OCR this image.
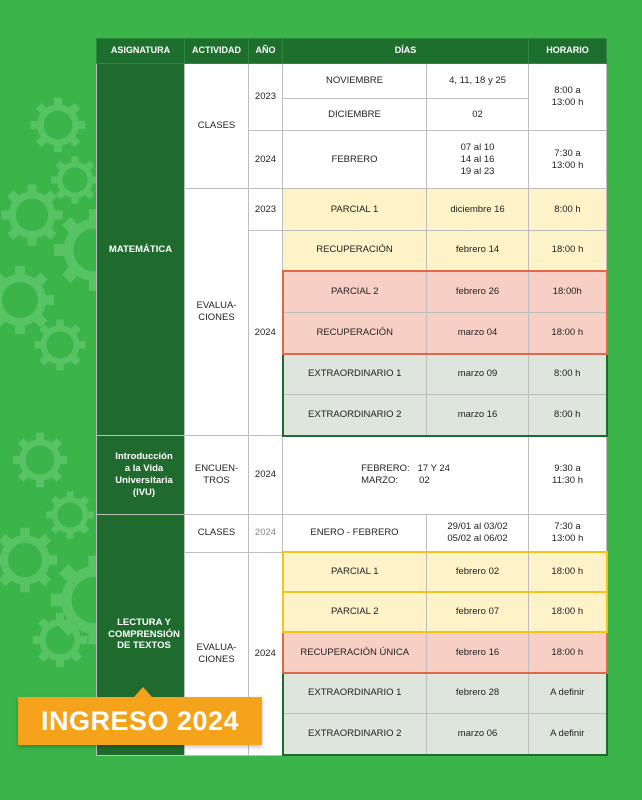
ASIGNATURA	ACTIVIDAD	AÑO	DÍAS		HORARIO
MATEMÁTICA	CLASES	2023	NOVIEMBRE	4, 11, 18 y 25	8:00 a
13:00 h
			DICIEMBRE	02	
		2024	FEBRERO	07 al 10
14 al 16
19 al 23	7:30 a
13:00 h
	EVALUA-
CIONES	2023	PARCIAL 1	diciembre 16	8:00 h
		2024	RECUPERACIÓN	febrero 14	18:00 h
			PARCIAL 2	febrero 26	18:00h
			RECUPERACIÓN	marzo 04	18:00 h
			EXTRAORDINARIO 1	marzo 09	8:00 h
			EXTRAORDINARIO 2	marzo 16	8:00 h
Introducción
a la Vida
Universitaria
(IVU)	ENCUEN-
TROS	2024	FEBRERO:   17 Y 24
MARZO:        02		9:30 a
11:30 h
LECTURA Y
COMPRENSIÓN
DE TEXTOS	CLASES	2024	ENERO - FEBRERO	29/01 al 03/02
05/02 al 06/02	7:30 a
13:00 h
	EVALUA-
CIONES	2024	PARCIAL 1	febrero 02	18:00 h
			PARCIAL 2	febrero 07	18:00 h
			RECUPERACIÓN ÚNICA	febrero 16	18:00 h
			EXTRAORDINARIO 1	febrero 28	A definir
			EXTRAORDINARIO 2	marzo 06	A definir
INGRESO 2024
